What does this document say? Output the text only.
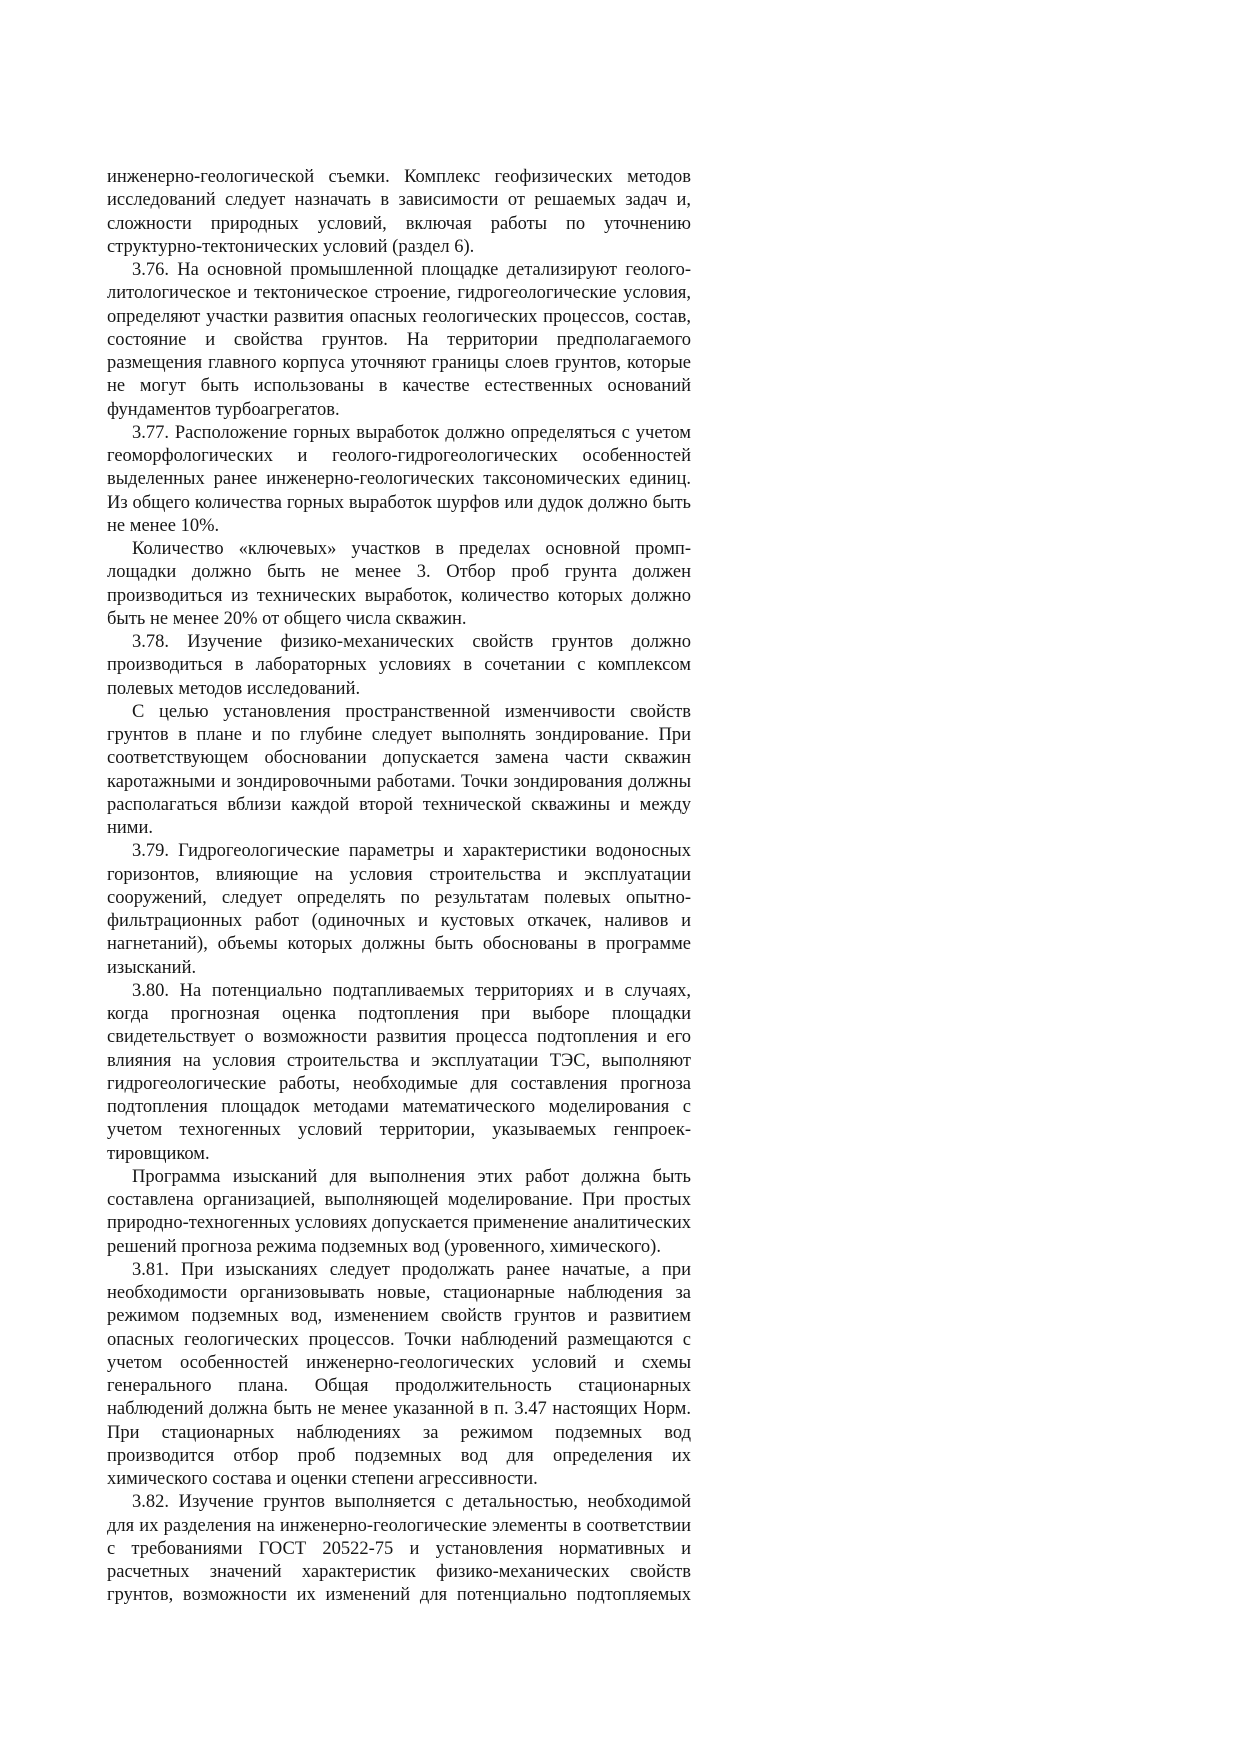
инженерно-геологической съемки. Комплекс геофизических методов
исследований следует назначать в зависимости от решаемых задач и,
сложности природных условий, включая работы по уточнению
структурно-тектонических условий (раздел 6).
3.76. На основной промышленной площадке детализируют геолого-
литологическое и тектоническое строение, гидрогеологические условия,
определяют участки развития опасных геологических процессов, состав,
состояние и свойства грунтов. На территории предполагаемого
размещения главного корпуса уточняют границы слоев грунтов, которые
не могут быть использованы в качестве естественных оснований
фундаментов турбоагрегатов.
3.77. Расположение горных выработок должно определяться с учетом
геоморфологических и геолого-гидрогеологических особенностей
выделенных ранее инженерно-геологических таксономических единиц.
Из общего количества горных выработок шурфов или дудок должно быть
не менее 10%.
Количество «ключевых» участков в пределах основной промп-
лощадки должно быть не менее 3. Отбор проб грунта должен
производиться из технических выработок, количество которых должно
быть не менее 20% от общего числа скважин.
3.78. Изучение физико-механических свойств грунтов должно
производиться в лабораторных условиях в сочетании с комплексом
полевых методов исследований.
С целью установления пространственной изменчивости свойств
грунтов в плане и по глубине следует выполнять зондирование. При
соответствующем обосновании допускается замена части скважин
каротажными и зондировочными работами. Точки зондирования должны
располагаться вблизи каждой второй технической скважины и между
ними.
3.79. Гидрогеологические параметры и характеристики водоносных
горизонтов, влияющие на условия строительства и эксплуатации
сооружений, следует определять по результатам полевых опытно-
фильтрационных работ (одиночных и кустовых откачек, наливов и
нагнетаний), объемы которых должны быть обоснованы в программе
изысканий.
3.80. На потенциально подтапливаемых территориях и в случаях,
когда прогнозная оценка подтопления при выборе площадки
свидетельствует о возможности развития процесса подтопления и его
влияния на условия строительства и эксплуатации ТЭС, выполняют
гидрогеологические работы, необходимые для составления прогноза
подтопления площадок методами математического моделирования с
учетом техногенных условий территории, указываемых генпроек-
тировщиком.
Программа изысканий для выполнения этих работ должна быть
составлена организацией, выполняющей моделирование. При простых
природно-техногенных условиях допускается применение аналитических
решений прогноза режима подземных вод (уровенного, химического).
3.81. При изысканиях следует продолжать ранее начатые, а при
необходимости организовывать новые, стационарные наблюдения за
режимом подземных вод, изменением свойств грунтов и развитием
опасных геологических процессов. Точки наблюдений размещаются с
учетом особенностей инженерно-геологических условий и схемы
генерального плана. Общая продолжительность стационарных
наблюдений должна быть не менее указанной в п. 3.47 настоящих Норм.
При стационарных наблюдениях за режимом подземных вод
производится отбор проб подземных вод для определения их
химического состава и оценки степени агрессивности.
3.82. Изучение грунтов выполняется с детальностью, необходимой
для их разделения на инженерно-геологические элементы в соответствии
с требованиями ГОСТ 20522-75 и установления нормативных и
расчетных значений характеристик физико-механических свойств
грунтов, возможности их изменений для потенциально подтопляемых
